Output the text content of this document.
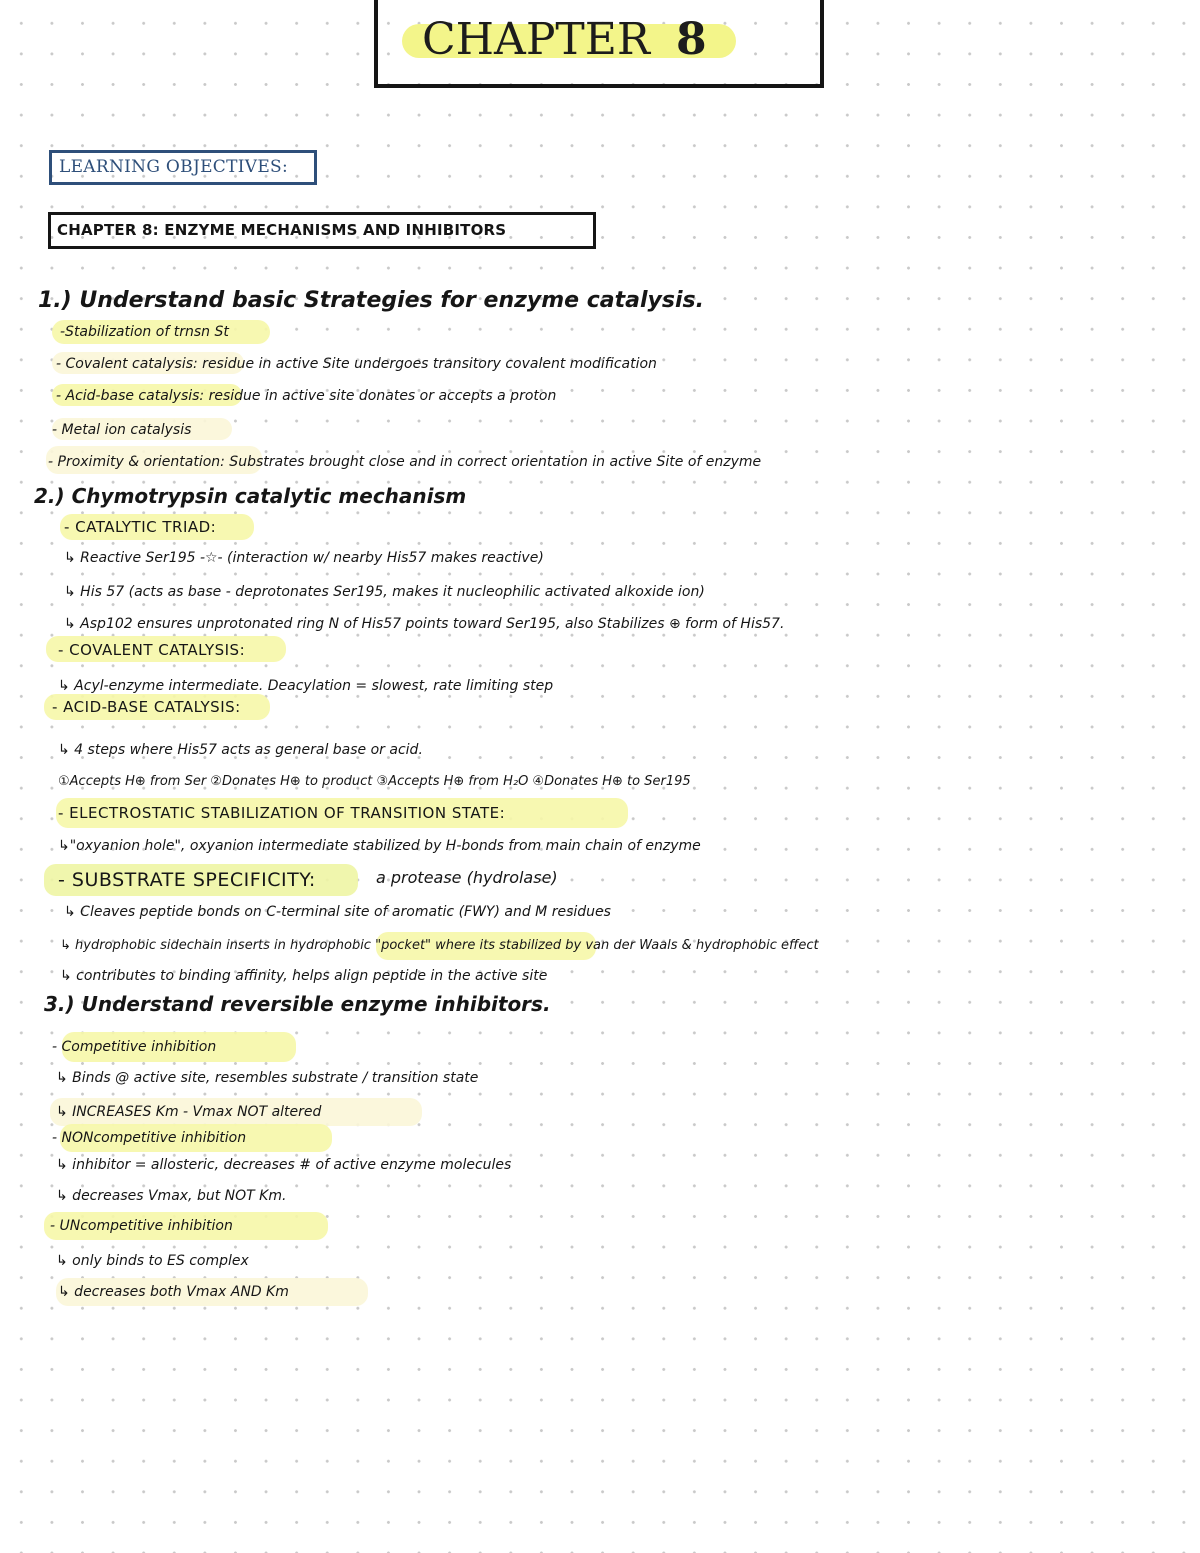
CHAPTER 8
LEARNING OBJECTIVES:
CHAPTER 8: ENZYME MECHANISMS AND INHIBITORS
1.) Understand basic Strategies for enzyme catalysis.
-Stabilization of trnsn St
- Covalent catalysis: residue in active Site undergoes transitory covalent modification
- Acid-base catalysis: residue in active site donates or accepts a proton
- Metal ion catalysis
- Proximity & orientation: Substrates brought close and in correct orientation in active Site of enzyme
2.) Chymotrypsin catalytic mechanism
- CATALYTIC TRIAD:
↳ Reactive Ser195 -☆- (interaction w/ nearby His57 makes reactive)
↳ His 57 (acts as base - deprotonates Ser195, makes it nucleophilic activated alkoxide ion)
↳ Asp102 ensures unprotonated ring N of His57 points toward Ser195, also Stabilizes ⊕ form of His57.
- COVALENT CATALYSIS:
↳ Acyl-enzyme intermediate. Deacylation = slowest, rate limiting step
- ACID-BASE CATALYSIS:
↳ 4 steps where His57 acts as general base or acid.
①Accepts H⊕ from Ser ②Donates H⊕ to product ③Accepts H⊕ from H₂O ④Donates H⊕ to Ser195
- ELECTROSTATIC STABILIZATION OF TRANSITION STATE:
↳"oxyanion hole", oxyanion intermediate stabilized by H-bonds from main chain of enzyme
- SUBSTRATE SPECIFICITY:	a protease (hydrolase)
↳ Cleaves peptide bonds on C-terminal site of aromatic (FWY) and M residues
↳ hydrophobic sidechain inserts in hydrophobic "pocket" where its stabilized by van der Waals & hydrophobic effect
↳ contributes to binding affinity, helps align peptide in the active site
3.) Understand reversible enzyme inhibitors.
- Competitive inhibition
↳ Binds @ active site, resembles substrate / transition state
↳ INCREASES Km - Vmax NOT altered
- NONcompetitive inhibition
↳ inhibitor = allosteric, decreases # of active enzyme molecules
↳ decreases Vmax, but NOT Km.
- UNcompetitive inhibition
↳ only binds to ES complex
↳ decreases both Vmax AND Km
